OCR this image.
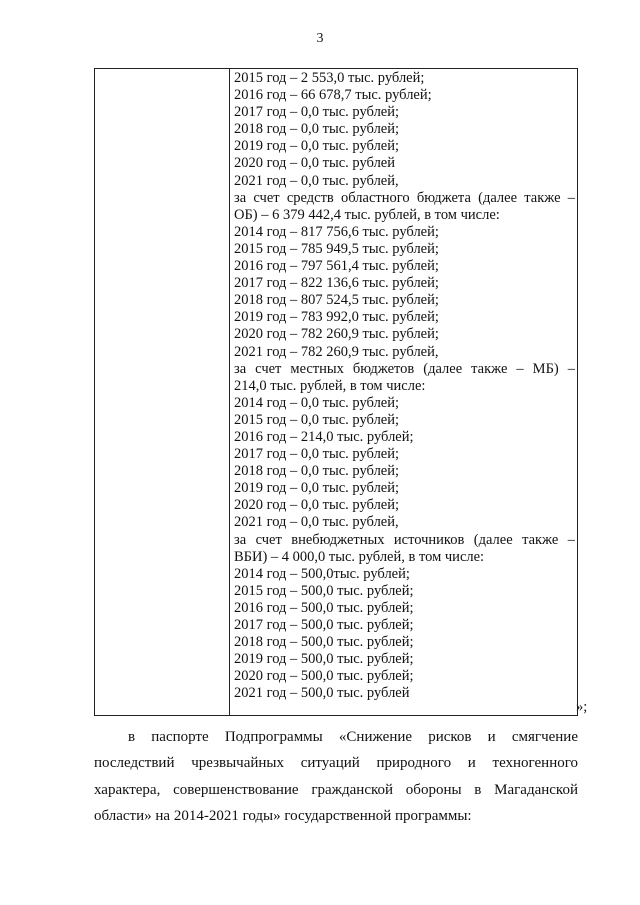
3
2015 год – 2 553,0 тыс. рублей;
2016 год – 66 678,7 тыс. рублей;
2017 год – 0,0 тыс. рублей;
2018 год – 0,0 тыс. рублей;
2019 год – 0,0 тыс. рублей;
2020 год – 0,0 тыс. рублей
2021 год – 0,0 тыс. рублей,
за счет средств областного бюджета (далее также –
ОБ) – 6 379 442,4 тыс. рублей, в том числе:
2014 год – 817 756,6 тыс. рублей;
2015 год – 785 949,5 тыс. рублей;
2016 год – 797 561,4 тыс. рублей;
2017 год – 822 136,6 тыс. рублей;
2018 год – 807 524,5 тыс. рублей;
2019 год – 783 992,0 тыс. рублей;
2020 год – 782 260,9 тыс. рублей;
2021 год – 782 260,9 тыс. рублей,
за счет местных бюджетов (далее также – МБ) –
214,0 тыс. рублей, в том числе:
2014 год – 0,0 тыс. рублей;
2015 год – 0,0 тыс. рублей;
2016 год – 214,0 тыс. рублей;
2017 год – 0,0 тыс. рублей;
2018 год – 0,0 тыс. рублей;
2019 год – 0,0 тыс. рублей;
2020 год – 0,0 тыс. рублей;
2021 год – 0,0 тыс. рублей,
за счет внебюджетных источников (далее также –
ВБИ) – 4 000,0 тыс. рублей, в том числе:
2014 год – 500,0тыс. рублей;
2015 год – 500,0 тыс. рублей;
2016 год – 500,0 тыс. рублей;
2017 год – 500,0 тыс. рублей;
2018 год – 500,0 тыс. рублей;
2019 год – 500,0 тыс. рублей;
2020 год – 500,0 тыс. рублей;
2021 год – 500,0 тыс. рублей
»;
в паспорте Подпрограммы «Снижение рисков и смягчение
последствий чрезвычайных ситуаций природного и техногенного
характера, совершенствование гражданской обороны в Магаданской
области» на 2014-2021 годы» государственной программы:
